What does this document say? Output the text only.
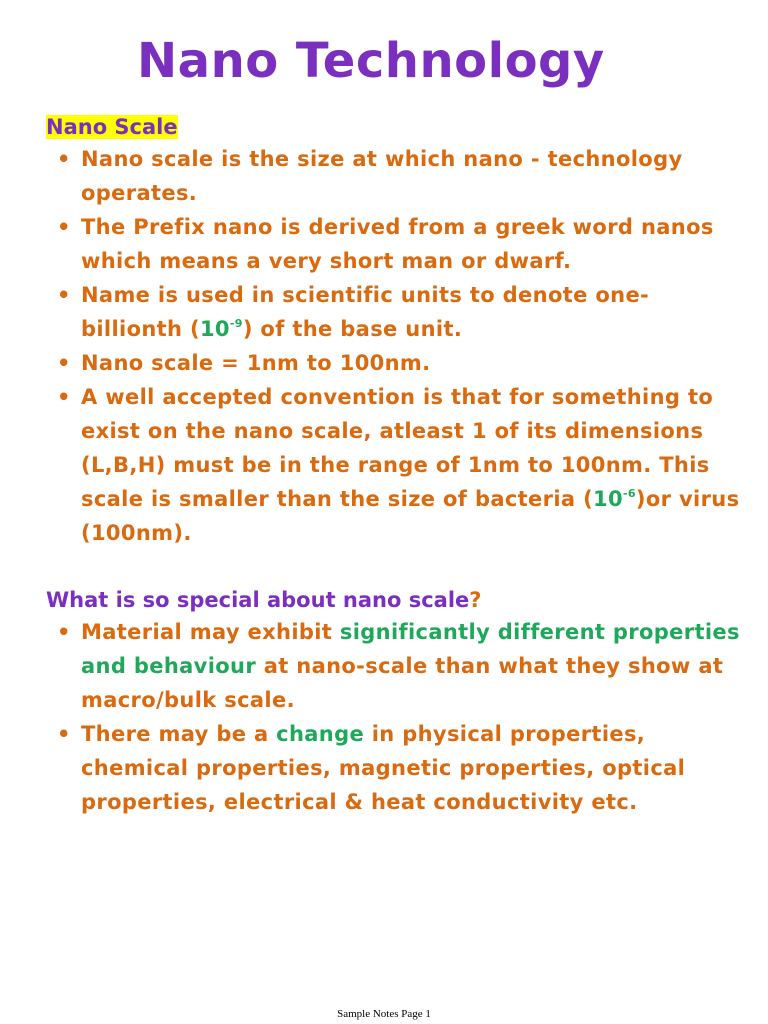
Nano Technology
Nano Scale
• Nano scale is the size at which nano - technology operates.
• The Prefix nano is derived from a greek word nanos which means a very short man or dwarf.
• Name is used in scientific units to denote one-billionth $(10^{-9})$ of the base unit.
• Nano scale = 1nm to 100nm.
• A well accepted convention is that for something to exist on the nano scale, atleast 1 of its dimensions (L,B,H) must be in the range of 1nm to 100nm. This scale is smaller than the size of bacteria $(10^{-6})or$ virus (100nm).
What is so special about nano scale?
• Material may exhibit significantly different properties and behaviour at nano-scale than what they show at macro/bulk scale.
• There may be a change in physical properties, chemical properties, magnetic properties, optical properties, electrical & heat conductivity etc.
Sample Notes Page 1
